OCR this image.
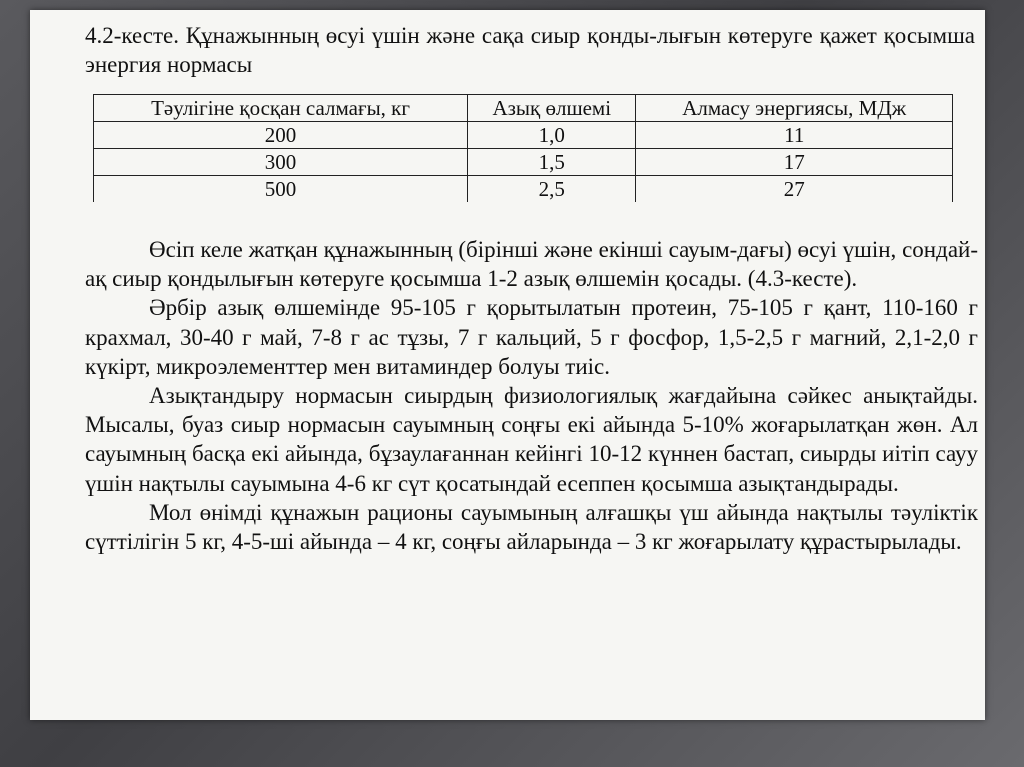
4.2-кесте. Құнажынның өсуі үшін және сақа сиыр қонды-лығын көтеруге қажет қосымша энергия нормасы
Тәулігіне қосқан салмағы, кг	Азық өлшемі	Алмасу энергиясы, МДж
200	1,0	11
300	1,5	17
500	2,5	27

Өсіп келе жатқан құнажынның (бірінші және екінші сауым-дағы) өсуі үшін, сондай-ақ сиыр қондылығын көтеруге қосымша 1-2 азық өлшемін қосады. (4.3-кесте).

Әрбір азық өлшемінде 95-105 г қорытылатын протеин, 75-105 г қант, 110-160 г крахмал, 30-40 г май, 7-8 г ас тұзы, 7 г кальций, 5 г фосфор, 1,5-2,5 г магний, 2,1-2,0 г күкірт, микроэлементтер мен витаминдер болуы тиіс.

Азықтандыру нормасын сиырдың физиологиялық жағдайына сәйкес анықтайды. Мысалы, буаз сиыр нормасын сауымның соңғы екі айында 5-10% жоғарылатқан жөн. Ал сауымның басқа екі айында, бұзаулағаннан кейінгі 10-12 күннен бастап, сиырды иітіп сауу үшін нақтылы сауымына 4-6 кг сүт қосатындай есеппен қосымша азықтандырады.

Мол өнімді құнажын рационы сауымының алғашқы үш айында нақтылы тәуліктік сүттілігін 5 кг, 4-5-ші айында – 4 кг, соңғы айларында – 3 кг жоғарылату құрастырылады.
